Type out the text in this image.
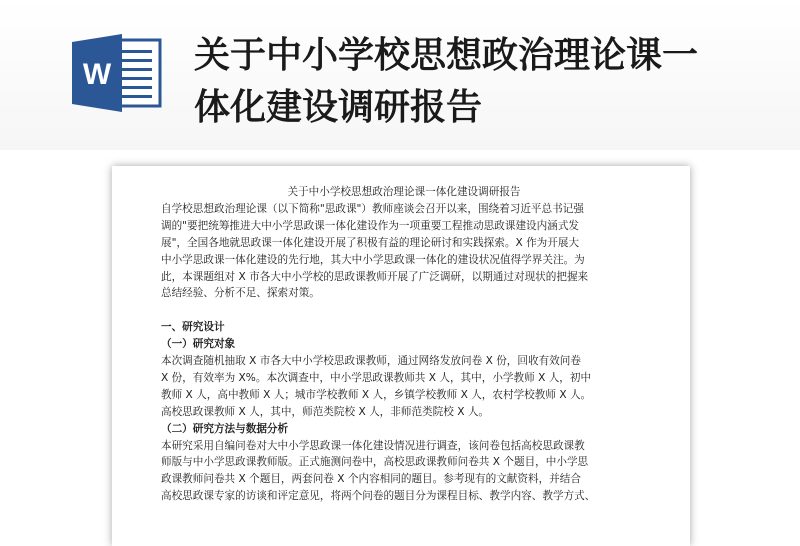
W 关于中小学校思想政治理论课一
体化建设调研报告
关于中小学校思想政治理论课一体化建设调研报告
自学校思想政治理论课（以下简称"思政课"）教师座谈会召开以来，围绕着习近平总书记强
调的"要把统筹推进大中小学思政课一体化建设作为一项重要工程推动思政课建设内涵式发
展"，全国各地就思政课一体化建设开展了积极有益的理论研讨和实践探索。X 作为开展大
中小学思政课一体化建设的先行地，其大中小学思政课一体化的建设状况值得学界关注。为
此，本课题组对 X 市各大中小学校的思政课教师开展了广泛调研，以期通过对现状的把握来
总结经验、分析不足、探索对策。
一、研究设计
（一）研究对象
本次调查随机抽取 X 市各大中小学校思政课教师，通过网络发放问卷 X 份，回收有效问卷
X 份，有效率为 X%。本次调查中，中小学思政课教师共 X 人，其中，小学教师 X 人，初中
教师 X 人，高中教师 X 人；城市学校教师 X 人，乡镇学校教师 X 人，农村学校教师 X 人。
高校思政课教师 X 人，其中，师范类院校 X 人，非师范类院校 X 人。
（二）研究方法与数据分析
本研究采用自编问卷对大中小学思政课一体化建设情况进行调查，该问卷包括高校思政课教
师版与中小学思政课教师版。正式施测问卷中，高校思政课教师问卷共 X 个题目，中小学思
政课教师问卷共 X 个题目，两套问卷 X 个内容相同的题目。参考现有的文献资料，并结合
高校思政课专家的访谈和评定意见，将两个问卷的题目分为课程目标、教学内容、教学方式、
